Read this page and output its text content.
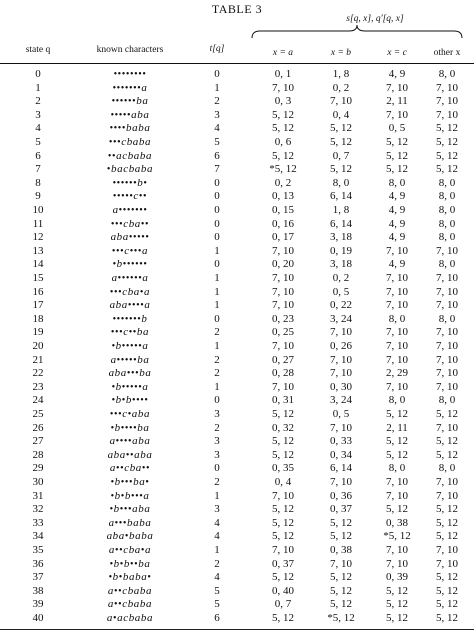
TABLE 3
s[q, x], q'[q, x]
state q	known characters	t[q]	x = a	x = b	x = c	other x
0	••••••••	0	0, 1	1, 8	4, 9	8, 0
1	•••••••a	1	7, 10	0, 2	7, 10	7, 10
2	••••••ba	2	0, 3	7, 10	2, 11	7, 10
3	•••••aba	3	5, 12	0, 4	7, 10	7, 10
4	••••baba	4	5, 12	5, 12	0, 5	5, 12
5	•••cbaba	5	0, 6	5, 12	5, 12	5, 12
6	••acbaba	6	5, 12	0, 7	5, 12	5, 12
7	•bacbaba	7	*5, 12	5, 12	5, 12	5, 12
8	••••••b•	0	0, 2	8, 0	8, 0	8, 0
9	•••••c••	0	0, 13	6, 14	4, 9	8, 0
10	a•••••••	0	0, 15	1, 8	4, 9	8, 0
11	•••cba••	0	0, 16	6, 14	4, 9	8, 0
12	aba•••••	0	0, 17	3, 18	4, 9	8, 0
13	•••c•••a	1	7, 10	0, 19	7, 10	7, 10
14	•b••••••	0	0, 20	3, 18	4, 9	8, 0
15	a••••••a	1	7, 10	0, 2	7, 10	7, 10
16	•••cba•a	1	7, 10	0, 5	7, 10	7, 10
17	aba••••a	1	7, 10	0, 22	7, 10	7, 10
18	•••••••b	0	0, 23	3, 24	8, 0	8, 0
19	•••c••ba	2	0, 25	7, 10	7, 10	7, 10
20	•b•••••a	1	7, 10	0, 26	7, 10	7, 10
21	a•••••ba	2	0, 27	7, 10	7, 10	7, 10
22	aba•••ba	2	0, 28	7, 10	2, 29	7, 10
23	•b•••••a	1	7, 10	0, 30	7, 10	7, 10
24	•b•b••••	0	0, 31	3, 24	8, 0	8, 0
25	•••c•aba	3	5, 12	0, 5	5, 12	5, 12
26	•b••••ba	2	0, 32	7, 10	2, 11	7, 10
27	a••••aba	3	5, 12	0, 33	5, 12	5, 12
28	aba••aba	3	5, 12	0, 34	5, 12	5, 12
29	a••cba••	0	0, 35	6, 14	8, 0	8, 0
30	•b•••ba•	2	0, 4	7, 10	7, 10	7, 10
31	•b•b•••a	1	7, 10	0, 36	7, 10	7, 10
32	•b•••aba	3	5, 12	0, 37	5, 12	5, 12
33	a•••baba	4	5, 12	5, 12	0, 38	5, 12
34	aba•baba	4	5, 12	5, 12	*5, 12	5, 12
35	a••cba•a	1	7, 10	0, 38	7, 10	7, 10
36	•b•b••ba	2	0, 37	7, 10	7, 10	7, 10
37	•b•baba•	4	5, 12	5, 12	0, 39	5, 12
38	a••cbaba	5	0, 40	5, 12	5, 12	5, 12
39	a••cbaba	5	0, 7	5, 12	5, 12	5, 12
40	a•acbaba	6	5, 12	*5, 12	5, 12	5, 12
